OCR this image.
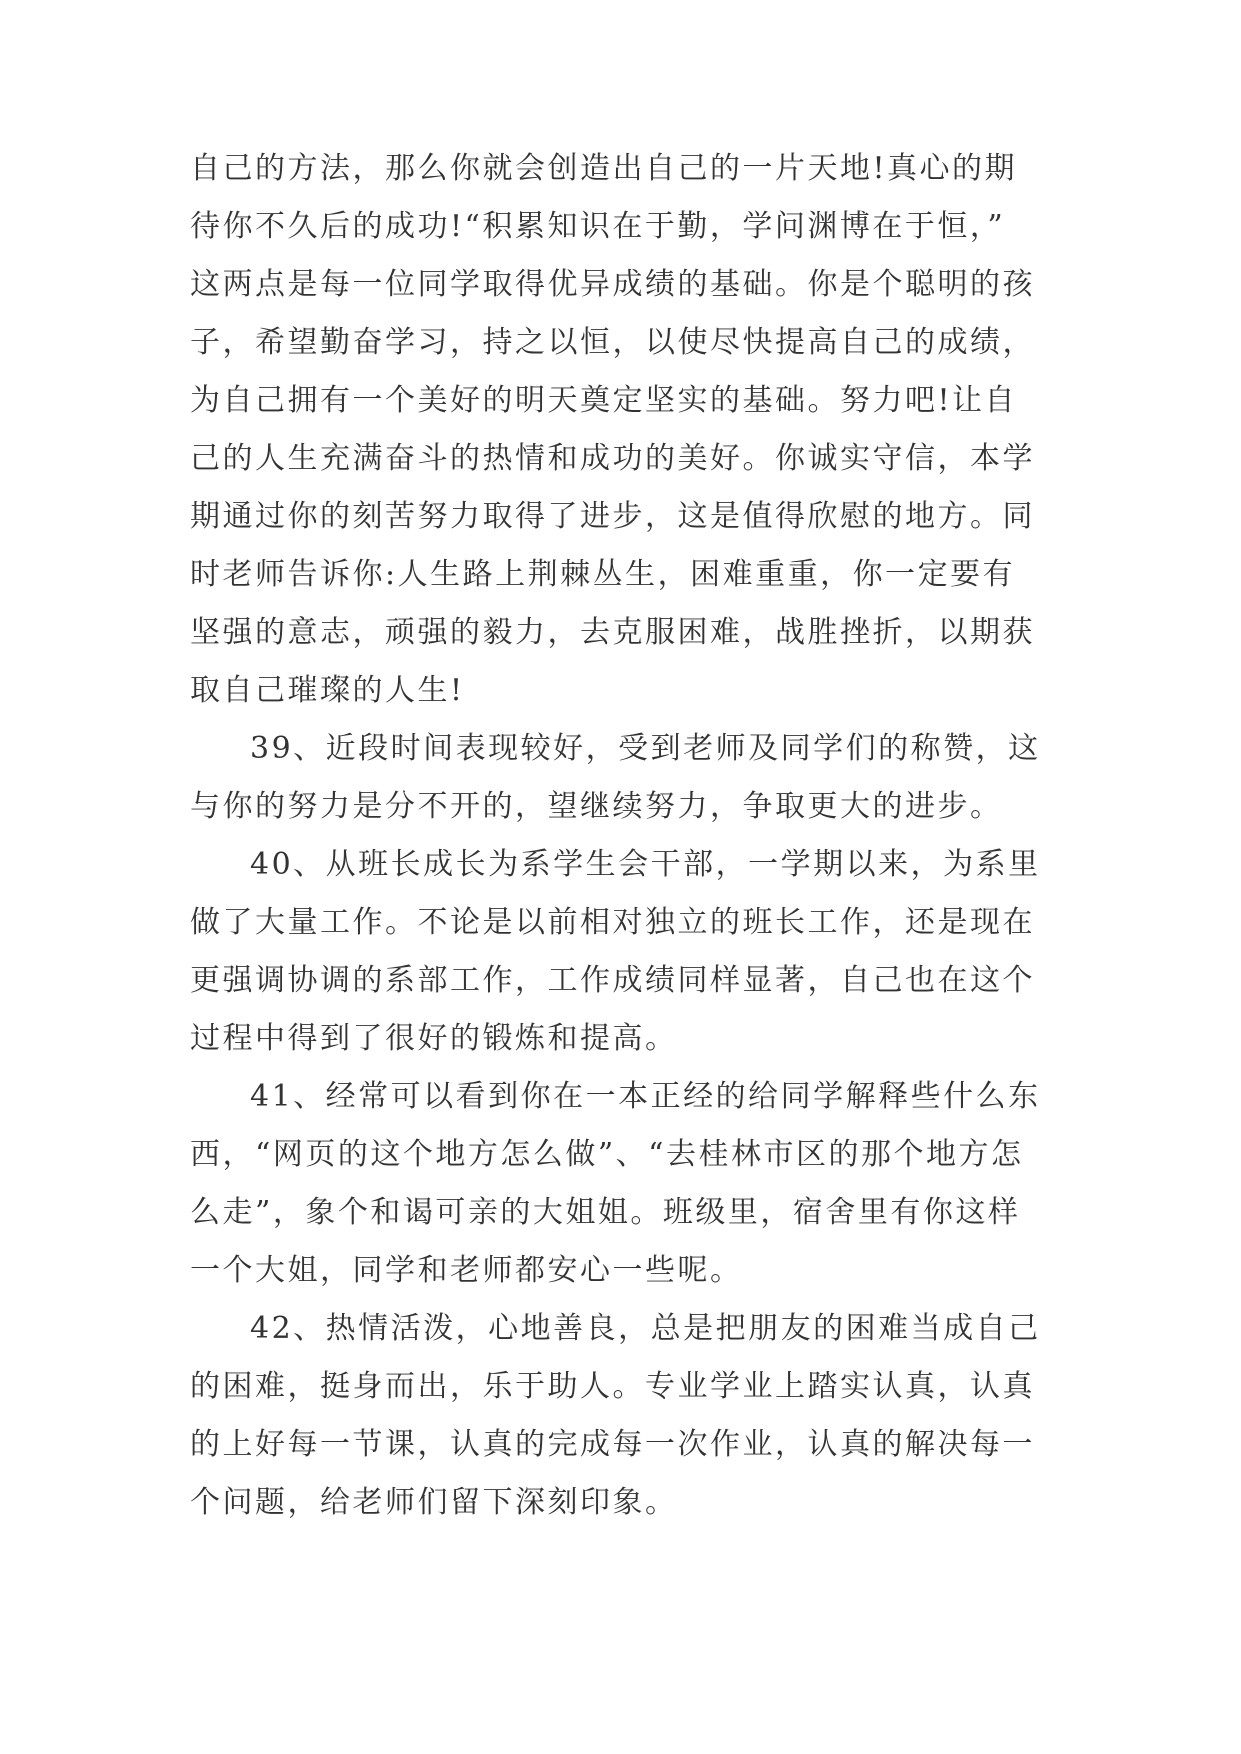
自己的方法，那么你就会创造出自己的一片天地!真心的期
待你不久后的成功!“积累知识在于勤，学问渊博在于恒，”
这两点是每一位同学取得优异成绩的基础。你是个聪明的孩
子，希望勤奋学习，持之以恒，以使尽快提高自己的成绩，
为自己拥有一个美好的明天奠定坚实的基础。努力吧!让自
己的人生充满奋斗的热情和成功的美好。你诚实守信，本学
期通过你的刻苦努力取得了进步，这是值得欣慰的地方。同
时老师告诉你:人生路上荆棘丛生，困难重重，你一定要有
坚强的意志，顽强的毅力，去克服困难，战胜挫折，以期获
取自己璀璨的人生!
39、近段时间表现较好，受到老师及同学们的称赞，这
与你的努力是分不开的，望继续努力，争取更大的进步。
40、从班长成长为系学生会干部，一学期以来，为系里
做了大量工作。不论是以前相对独立的班长工作，还是现在
更强调协调的系部工作，工作成绩同样显著，自己也在这个
过程中得到了很好的锻炼和提高。
41、经常可以看到你在一本正经的给同学解释些什么东
西，“网页的这个地方怎么做”、“去桂林市区的那个地方怎
么走”，象个和谒可亲的大姐姐。班级里，宿舍里有你这样
一个大姐，同学和老师都安心一些呢。
42、热情活泼，心地善良，总是把朋友的困难当成自己
的困难，挺身而出，乐于助人。专业学业上踏实认真，认真
的上好每一节课，认真的完成每一次作业，认真的解决每一
个问题，给老师们留下深刻印象。
